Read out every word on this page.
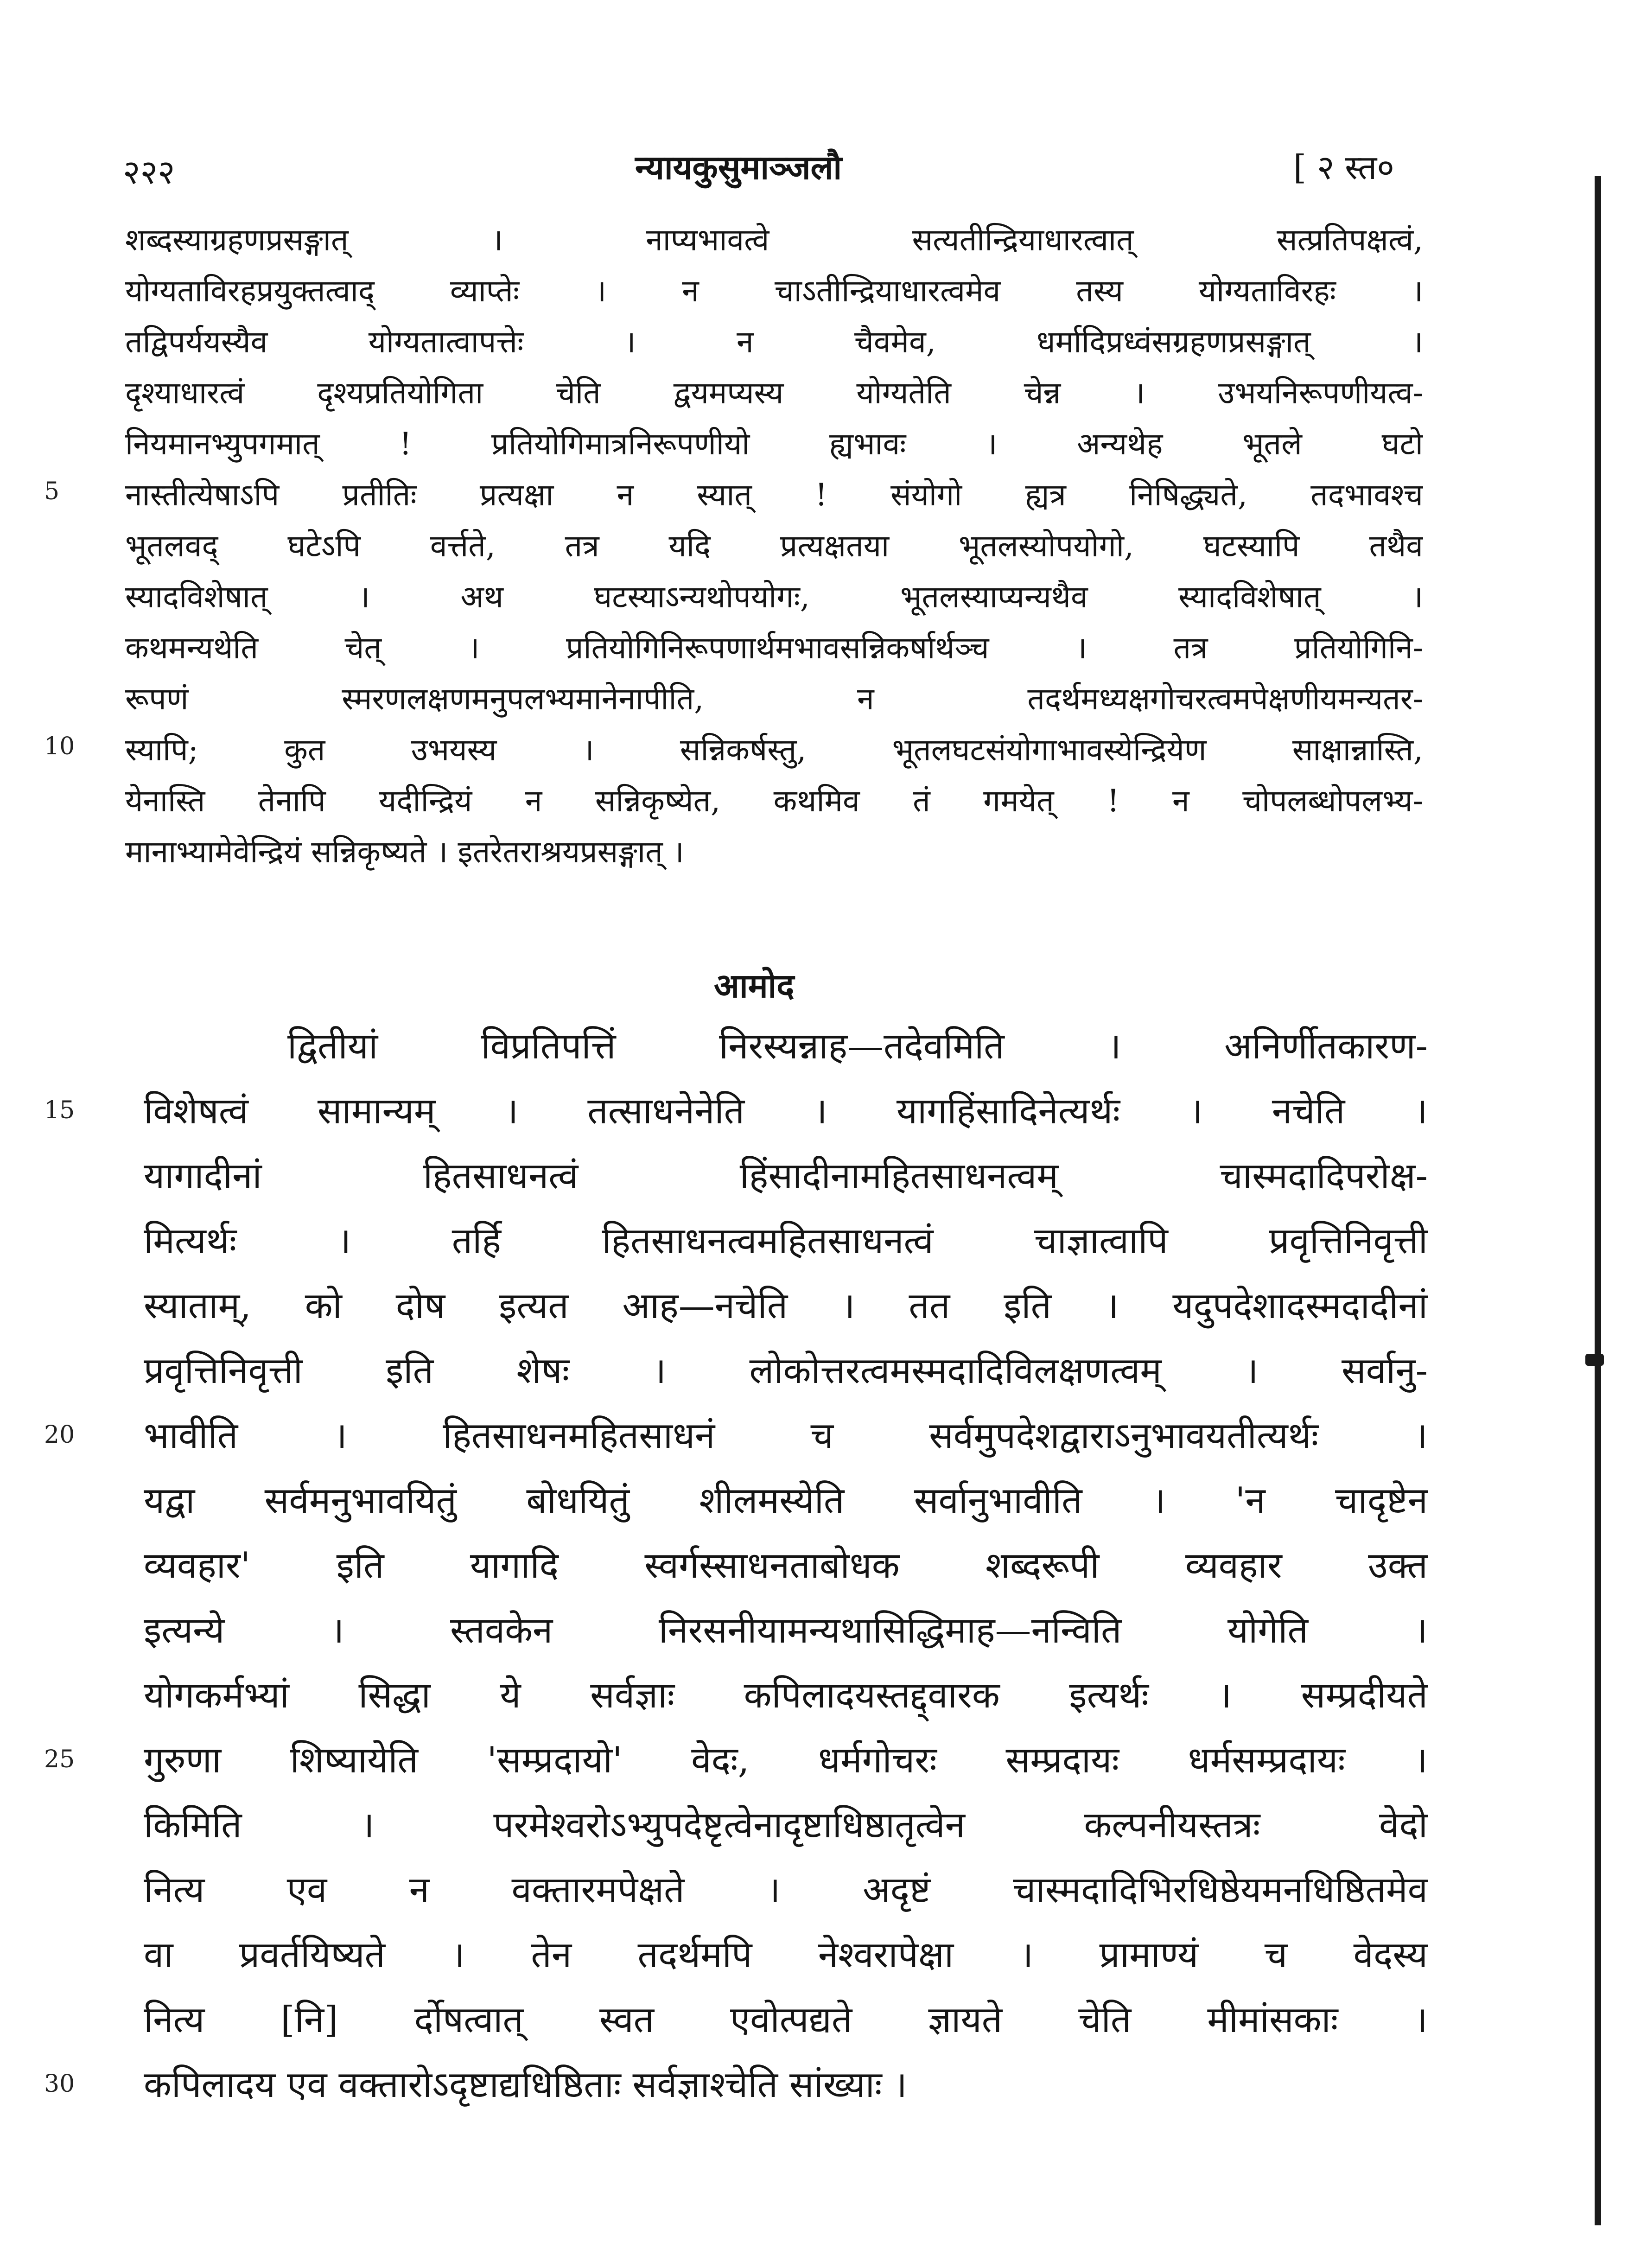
२२२	न्यायकुसुमाञ्जलौ	[ २ स्त०
शब्दस्याग्रहणप्रसङ्गात् । नाप्यभावत्वे सत्यतीन्द्रियाधारत्वात् सत्प्रतिपक्षत्वं,
योग्यताविरहप्रयुक्तत्वाद् व्याप्तेः । न चाऽतीन्द्रियाधारत्वमेव तस्य योग्यताविरहः ।
तद्विपर्ययस्यैव योग्यतात्वापत्तेः । न चैवमेव, धर्मादिप्रध्वंसग्रहणप्रसङ्गात् ।
दृश्याधारत्वं दृश्यप्रतियोगिता चेति द्वयमप्यस्य योग्यतेति चेन्न । उभयनिरूपणीयत्व-
नियमानभ्युपगमात् ! प्रतियोगिमात्रनिरूपणीयो ह्यभावः । अन्यथेह भूतले घटो
नास्तीत्येषाऽपि प्रतीतिः प्रत्यक्षा न स्यात् ! संयोगो ह्यत्र निषिद्ध्यते, तदभावश्च
भूतलवद् घटेऽपि वर्त्तते, तत्र यदि प्रत्यक्षतया भूतलस्योपयोगो, घटस्यापि तथैव
स्यादविशेषात् । अथ घटस्याऽन्यथोपयोगः, भूतलस्याप्यन्यथैव स्यादविशेषात् ।
कथमन्यथेति चेत् । प्रतियोगिनिरूपणार्थमभावसन्निकर्षार्थञ्च । तत्र प्रतियोगिनि-
रूपणं स्मरणलक्षणमनुपलभ्यमानेनापीति, न तदर्थमध्यक्षगोचरत्वमपेक्षणीयमन्यतर-
स्यापि; कुत उभयस्य । सन्निकर्षस्तु, भूतलघटसंयोगाभावस्येन्द्रियेण साक्षान्नास्ति,
येनास्ति तेनापि यदीन्द्रियं न सन्निकृष्येत, कथमिव तं गमयेत् ! न चोपलब्धोपलभ्य-
मानाभ्यामेवेन्द्रियं सन्निकृष्यते । इतरेतराश्रयप्रसङ्गात् ।
आमोद
द्वितीयां विप्रतिपत्तिं निरस्यन्नाह—तदेवमिति । अनिर्णीतकारण-
विशेषत्वं सामान्यम् । तत्साधनेनेति । यागहिंसादिनेत्यर्थः । नचेति ।
यागादीनां हितसाधनत्वं हिंसादीनामहितसाधनत्वम् चास्मदादिपरोक्ष-
मित्यर्थः । तर्हि हितसाधनत्वमहितसाधनत्वं चाज्ञात्वापि प्रवृत्तिनिवृत्ती
स्याताम्, को दोष इत्यत आह—नचेति । तत इति । यदुपदेशादस्मदादीनां
प्रवृत्तिनिवृत्ती इति शेषः । लोकोत्तरत्वमस्मदादिविलक्षणत्वम् । सर्वानु-
भावीति । हितसाधनमहितसाधनं च सर्वमुपदेशद्वाराऽनुभावयतीत्यर्थः ।
यद्वा सर्वमनुभावयितुं बोधयितुं शीलमस्येति सर्वानुभावीति । 'न चादृष्टेन
व्यवहार' इति यागादि स्वर्गस्साधनताबोधक शब्दरूपी व्यवहार उक्त
इत्यन्ये । स्तवकेन निरसनीयामन्यथासिद्धिमाह—नन्विति योगेति ।
योगकर्मभ्यां सिद्धा ये सर्वज्ञाः कपिलादयस्तद्द्वारक इत्यर्थः । सम्प्रदीयते
गुरुणा शिष्यायेति 'सम्प्रदायो' वेदः, धर्मगोचरः सम्प्रदायः धर्मसम्प्रदायः ।
किमिति । परमेश्वरोऽभ्युपदेष्टृत्वेनादृष्टाधिष्ठातृत्वेन कल्पनीयस्तत्रः वेदो
नित्य एव न वक्तारमपेक्षते । अदृष्टं चास्मदादिभिरधिष्ठेयमनधिष्ठितमेव
वा प्रवर्तयिष्यते । तेन तदर्थमपि नेश्वरापेक्षा । प्रामाण्यं च वेदस्य
नित्य [नि] र्दोषत्वात् स्वत एवोत्पद्यते ज्ञायते चेति मीमांसकाः ।
कपिलादय एव वक्तारोऽदृष्टाद्यधिष्ठिताः सर्वज्ञाश्चेति सांख्याः ।
5
10
15
20
25
30
